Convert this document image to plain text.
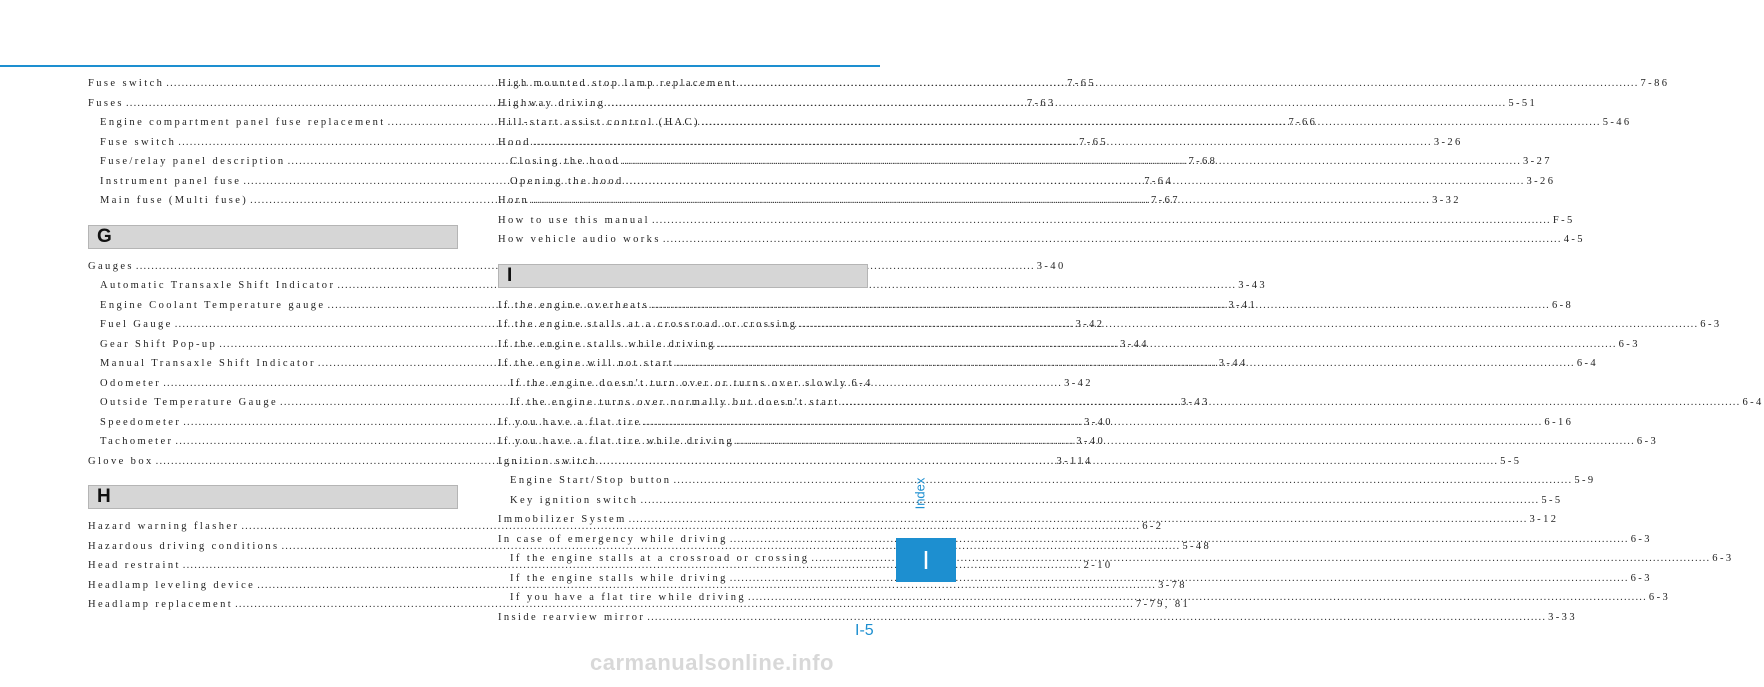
Fuse switch .....	7-65
Fuses .....	7-63
Engine compartment panel fuse replacement .....	7-66
Fuse switch .....	7-65
Fuse/relay panel description .....	7-68
Instrument panel fuse .....	7-64
Main fuse (Multi fuse) .....	7-67
G
Gauges .....	3-40
Automatic Transaxle Shift Indicator .....	3-43
Engine Coolant Temperature gauge .....	3-41
Fuel Gauge .....	3-42
Gear Shift Pop-up .....	3-44
Manual Transaxle Shift Indicator .....	3-44
Odometer .....	3-42
Outside Temperature Gauge .....	3-43
Speedometer .....	3-40
Tachometer .....	3-40
Glove box .....	3-114
H
Hazard warning flasher .....	6-2
Hazardous driving conditions .....	5-48
Head restraint .....	2-10
Headlamp leveling device .....	3-78
Headlamp replacement .....	7-79, 81
High mounted stop lamp replacement .....	7-86
Highway driving .....	5-51
Hill-start assist control (HAC) .....	5-46
Hood .....	3-26
Closing the hood .....	3-27
Opening the hood .....	3-26
Horn .....	3-32
How to use this manual .....	F-5
How vehicle audio works .....	4-5
I
If the engine overheats .....	6-8
If the engine stalls at a crossroad or crossing .....	6-3
If the engine stalls while driving .....	6-3
If the engine will not start .....	6-4
If the engine doesn't turn over or turns over slowly 6-4
If the engine turns over normally but doesn't start .....	6-4
If you have a flat tire .....	6-16
If you have a flat tire while driving .....	6-3
Ignition switch .....	5-5
Engine Start/Stop button .....	5-9
Key ignition switch .....	5-5
Immobilizer System .....	3-12
In case of emergency while driving .....	6-3
If the engine stalls at a crossroad or crossing .....	6-3
If the engine stalls while driving .....	6-3
If you have a flat tire while driving .....	6-3
Inside rearview mirror .....	3-33
Index
I
I-5
carmanualsonline.info
